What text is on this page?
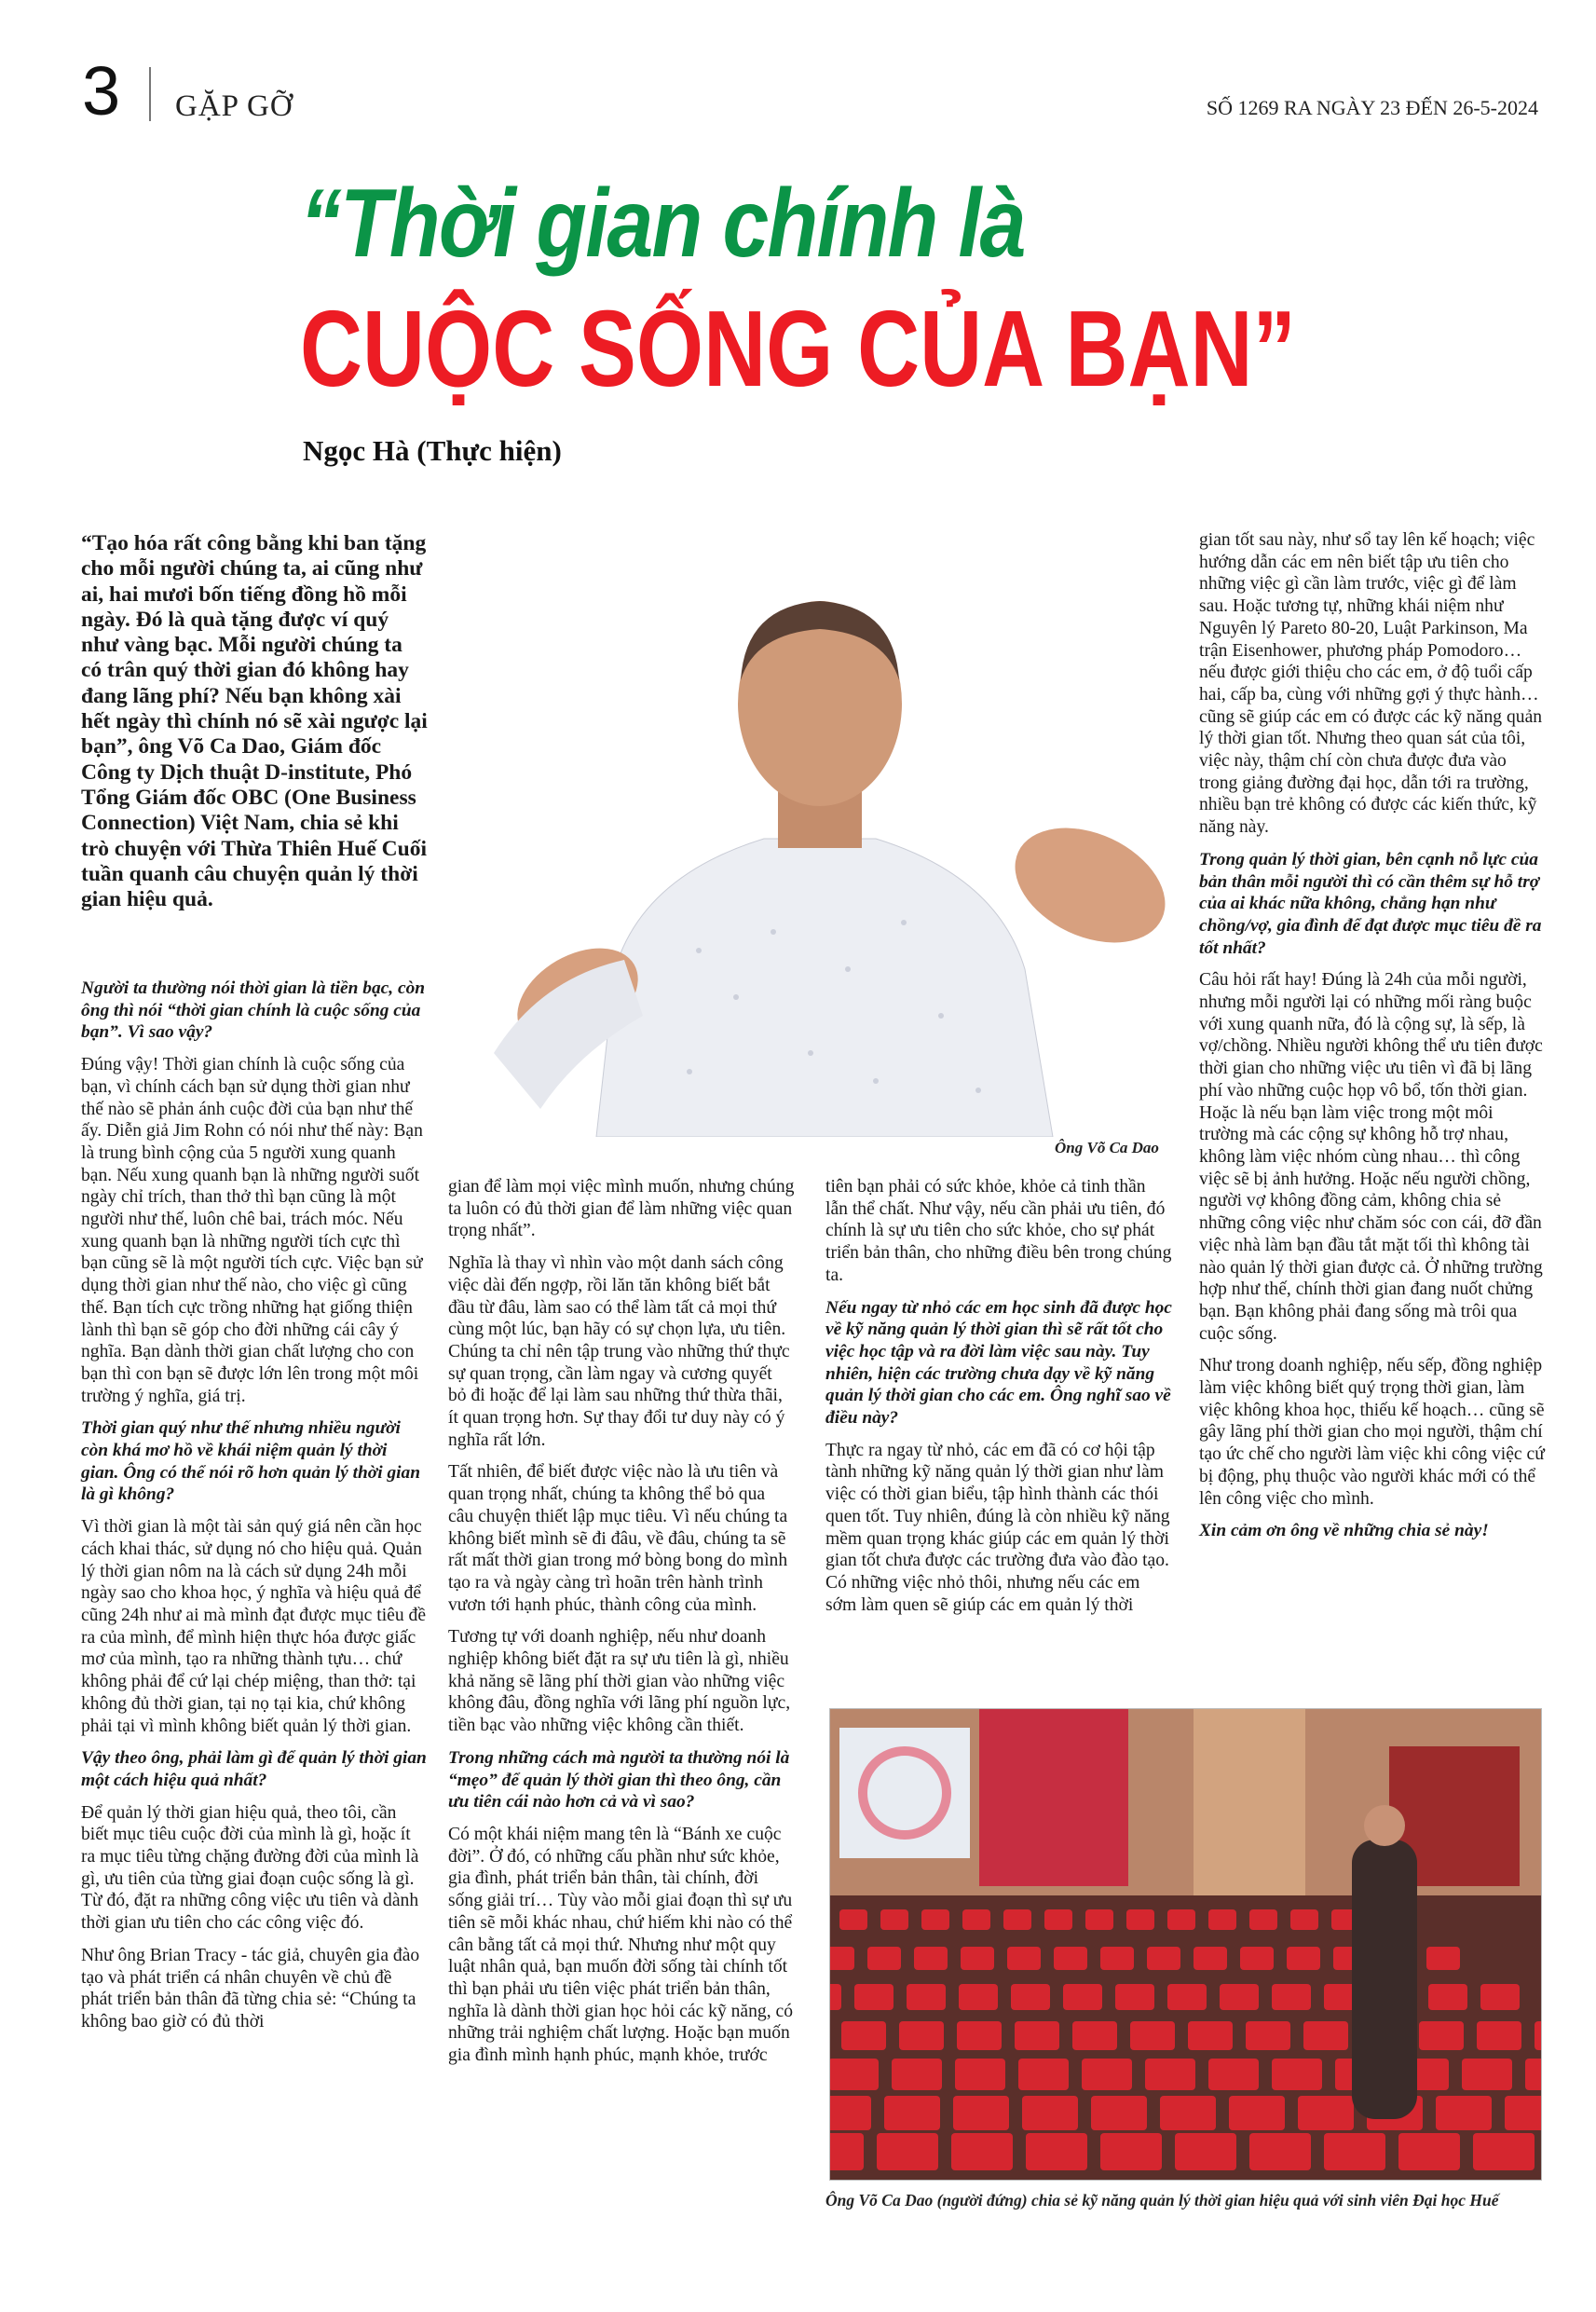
3 GẶP GỠ	SỐ 1269 RA NGÀY 23 ĐẾN 26-5-2024
“Thời gian chính là
CUỘC SỐNG CỦA BẠN”
Ngọc Hà (Thực hiện)

“Tạo hóa rất công bằng khi ban tặng cho mỗi người chúng ta, ai cũng như ai, hai mươi bốn tiếng đồng hồ mỗi ngày. Đó là quà tặng được ví quý như vàng bạc. Mỗi người chúng ta có trân quý thời gian đó không hay đang lãng phí? Nếu bạn không xài hết ngày thì chính nó sẽ xài ngược lại bạn”, ông Võ Ca Dao, Giám đốc Công ty Dịch thuật D-institute, Phó Tổng Giám đốc OBC (One Business Connection) Việt Nam, chia sẻ khi trò chuyện với Thừa Thiên Huế Cuối tuần quanh câu chuyện quản lý thời gian hiệu quả.

Ông Võ Ca Dao

Người ta thường nói thời gian là tiền bạc, còn ông thì nói “thời gian chính là cuộc sống của bạn”. Vì sao vậy?

Đúng vậy! Thời gian chính là cuộc sống của bạn, vì chính cách bạn sử dụng thời gian như thế nào sẽ phản ánh cuộc đời của bạn như thế ấy. Diễn giả Jim Rohn có nói như thế này: Bạn là trung bình cộng của 5 người xung quanh bạn. Nếu xung quanh bạn là những người suốt ngày chỉ trích, than thở thì bạn cũng là một người như thế, luôn chê bai, trách móc. Nếu xung quanh bạn là những người tích cực thì bạn cũng sẽ là một người tích cực. Việc bạn sử dụng thời gian như thế nào, cho việc gì cũng thế. Bạn tích cực trồng những hạt giống thiện lành thì bạn sẽ góp cho đời những cái cây ý nghĩa. Bạn dành thời gian chất lượng cho con bạn thì con bạn sẽ được lớn lên trong một môi trường ý nghĩa, giá trị.

Thời gian quý như thế nhưng nhiều người còn khá mơ hồ về khái niệm quản lý thời gian. Ông có thể nói rõ hơn quản lý thời gian là gì không?

Vì thời gian là một tài sản quý giá nên cần học cách khai thác, sử dụng nó cho hiệu quả. Quản lý thời gian nôm na là cách sử dụng 24h mỗi ngày sao cho khoa học, ý nghĩa và hiệu quả để cũng 24h như ai mà mình đạt được mục tiêu đề ra của mình, để mình hiện thực hóa được giấc mơ của mình, tạo ra những thành tựu… chứ không phải để cứ lại chép miệng, than thở: tại không đủ thời gian, tại nọ tại kia, chứ không phải tại vì mình không biết quản lý thời gian.

Vậy theo ông, phải làm gì để quản lý thời gian một cách hiệu quả nhất?

Để quản lý thời gian hiệu quả, theo tôi, cần biết mục tiêu cuộc đời của mình là gì, hoặc ít ra mục tiêu từng chặng đường đời của mình là gì, ưu tiên của từng giai đoạn cuộc sống là gì. Từ đó, đặt ra những công việc ưu tiên và dành thời gian ưu tiên cho các công việc đó.

Như ông Brian Tracy - tác giả, chuyên gia đào tạo và phát triển cá nhân chuyên về chủ đề phát triển bản thân đã từng chia sẻ: “Chúng ta không bao giờ có đủ thời

gian để làm mọi việc mình muốn, nhưng chúng ta luôn có đủ thời gian để làm những việc quan trọng nhất”.

Nghĩa là thay vì nhìn vào một danh sách công việc dài đến ngợp, rồi lăn tăn không biết bắt đầu từ đâu, làm sao có thể làm tất cả mọi thứ cùng một lúc, bạn hãy có sự chọn lựa, ưu tiên. Chúng ta chỉ nên tập trung vào những thứ thực sự quan trọng, cần làm ngay và cương quyết bỏ đi hoặc để lại làm sau những thứ thừa thãi, ít quan trọng hơn. Sự thay đổi tư duy này có ý nghĩa rất lớn.

Tất nhiên, để biết được việc nào là ưu tiên và quan trọng nhất, chúng ta không thể bỏ qua câu chuyện thiết lập mục tiêu. Vì nếu chúng ta không biết mình sẽ đi đâu, về đâu, chúng ta sẽ rất mất thời gian trong mớ bòng bong do mình tạo ra và ngày càng trì hoãn trên hành trình vươn tới hạnh phúc, thành công của mình.

Tương tự với doanh nghiệp, nếu như doanh nghiệp không biết đặt ra sự ưu tiên là gì, nhiều khả năng sẽ lãng phí thời gian vào những việc không đâu, đồng nghĩa với lãng phí nguồn lực, tiền bạc vào những việc không cần thiết.

Trong những cách mà người ta thường nói là “mẹo” để quản lý thời gian thì theo ông, cần ưu tiên cái nào hơn cả và vì sao?

Có một khái niệm mang tên là “Bánh xe cuộc đời”. Ở đó, có những cấu phần như sức khỏe, gia đình, phát triển bản thân, tài chính, đời sống giải trí… Tùy vào mỗi giai đoạn thì sự ưu tiên sẽ mỗi khác nhau, chứ hiếm khi nào có thể cân bằng tất cả mọi thứ. Nhưng như một quy luật nhân quả, bạn muốn đời sống tài chính tốt thì bạn phải ưu tiên việc phát triển bản thân, nghĩa là dành thời gian học hỏi các kỹ năng, có những trải nghiệm chất lượng. Hoặc bạn muốn gia đình mình hạnh phúc, mạnh khỏe, trước

tiên bạn phải có sức khỏe, khỏe cả tinh thần lẫn thể chất. Như vậy, nếu cần phải ưu tiên, đó chính là sự ưu tiên cho sức khỏe, cho sự phát triển bản thân, cho những điều bên trong chúng ta.

Nếu ngay từ nhỏ các em học sinh đã được học về kỹ năng quản lý thời gian thì sẽ rất tốt cho việc học tập và ra đời làm việc sau này. Tuy nhiên, hiện các trường chưa dạy về kỹ năng quản lý thời gian cho các em. Ông nghĩ sao về điều này?

Thực ra ngay từ nhỏ, các em đã có cơ hội tập tành những kỹ năng quản lý thời gian như làm việc có thời gian biểu, tập hình thành các thói quen tốt. Tuy nhiên, đúng là còn nhiều kỹ năng mềm quan trọng khác giúp các em quản lý thời gian tốt chưa được các trường đưa vào đào tạo. Có những việc nhỏ thôi, nhưng nếu các em sớm làm quen sẽ giúp các em quản lý thời

gian tốt sau này, như sổ tay lên kế hoạch; việc hướng dẫn các em nên biết tập ưu tiên cho những việc gì cần làm trước, việc gì để làm sau. Hoặc tương tự, những khái niệm như Nguyên lý Pareto 80-20, Luật Parkinson, Ma trận Eisenhower, phương pháp Pomodoro… nếu được giới thiệu cho các em, ở độ tuổi cấp hai, cấp ba, cùng với những gợi ý thực hành… cũng sẽ giúp các em có được các kỹ năng quản lý thời gian tốt. Nhưng theo quan sát của tôi, việc này, thậm chí còn chưa được đưa vào trong giảng đường đại học, dẫn tới ra trường, nhiều bạn trẻ không có được các kiến thức, kỹ năng này.

Trong quản lý thời gian, bên cạnh nỗ lực của bản thân mỗi người thì có cần thêm sự hỗ trợ của ai khác nữa không, chẳng hạn như chồng/vợ, gia đình để đạt được mục tiêu đề ra tốt nhất?

Câu hỏi rất hay! Đúng là 24h của mỗi người, nhưng mỗi người lại có những mối ràng buộc với xung quanh nữa, đó là cộng sự, là sếp, là vợ/chồng. Nhiều người không thể ưu tiên được thời gian cho những việc ưu tiên vì đã bị lãng phí vào những cuộc họp vô bổ, tốn thời gian. Hoặc là nếu bạn làm việc trong một môi trường mà các cộng sự không hỗ trợ nhau, không làm việc nhóm cùng nhau… thì công việc sẽ bị ảnh hưởng. Hoặc nếu người chồng, người vợ không đồng cảm, không chia sẻ những công việc như chăm sóc con cái, đỡ đần việc nhà làm bạn đầu tắt mặt tối thì không tài nào quản lý thời gian được cả. Ở những trường hợp như thế, chính thời gian đang nuốt chửng bạn. Bạn không phải đang sống mà trôi qua cuộc sống.

Như trong doanh nghiệp, nếu sếp, đồng nghiệp làm việc không biết quý trọng thời gian, làm việc không khoa học, thiếu kế hoạch… cũng sẽ gây lãng phí thời gian cho mọi người, thậm chí tạo ức chế cho người làm việc khi công việc cứ bị động, phụ thuộc vào người khác mới có thể lên công việc cho mình.

Xin cảm ơn ông về những chia sẻ này!

Ông Võ Ca Dao (người đứng) chia sẻ kỹ năng quản lý thời gian hiệu quả với sinh viên Đại học Huế
